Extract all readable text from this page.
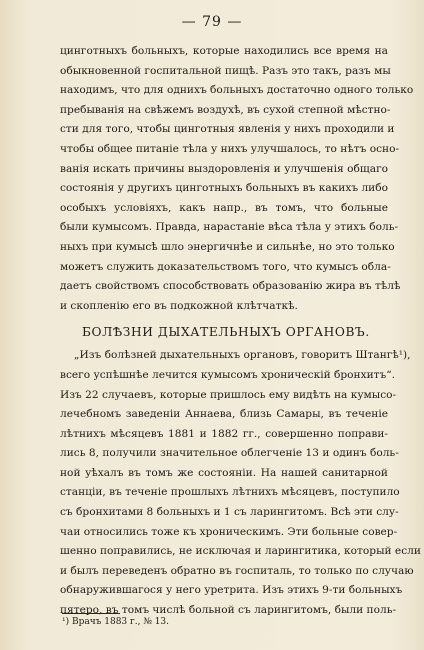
— 79 —
цинготныхъ больныхъ, которые находились все время на
обыкновенной госпитальной пищѣ. Разъ это такъ, разъ мы
находимъ, что для однихъ больныхъ достаточно одного только
пребыванія на свѣжемъ воздухѣ, въ сухой степной мѣстно-
сти для того, чтобы цинготныя явленія у нихъ проходили и
чтобы общее питаніе тѣла у нихъ улучшалось, то нѣтъ осно-
ванія искать причины выздоровленія и улучшенія общаго
состоянія у другихъ цинготныхъ больныхъ въ какихъ либо
особыхъ условіяхъ, какъ напр., въ томъ, что больные
были кумысомъ. Правда, нарастаніе вѣса тѣла у этихъ боль-
ныхъ при кумысѣ шло энергичнѣе и сильнѣе, но это только
можетъ служить доказательствомъ того, что кумысъ обла-
даетъ свойствомъ способствовать образованію жира въ тѣлѣ
и скопленію его въ подкожной клѣтчаткѣ.
БОЛѢЗНИ ДЫХАТЕЛЬНЫХЪ ОРГАНОВЪ.
„Изъ болѣзней дыхательныхъ органовъ, говоритъ Штангѣ¹),
всего успѣшнѣе лечится кумысомъ хроническій бронхитъ“.
Изъ 22 случаевъ, которые пришлось ему видѣть на кумысо-
лечебномъ заведеніи Аннаева, близь Самары, въ теченіе
лѣтнихъ мѣсяцевъ 1881 и 1882 гг., совершенно поправи-
лись 8, получили значительное облегченіе 13 и одинъ боль-
ной уѣхалъ въ томъ же состояніи. На нашей санитарной
станціи, въ теченіе прошлыхъ лѣтнихъ мѣсяцевъ, поступило
съ бронхитами 8 больныхъ и 1 съ ларингитомъ. Всѣ эти слу-
чаи относились тоже къ хроническимъ. Эти больные совер-
шенно поправились, не исключая и ларингитика, который если
и былъ переведенъ обратно въ госпиталь, то только по случаю
обнаружившагося у него уретрита. Изъ этихъ 9-ти больныхъ
пятеро, въ томъ числѣ больной съ ларингитомъ, были поль-
¹) Врачъ 1883 г., № 13.
